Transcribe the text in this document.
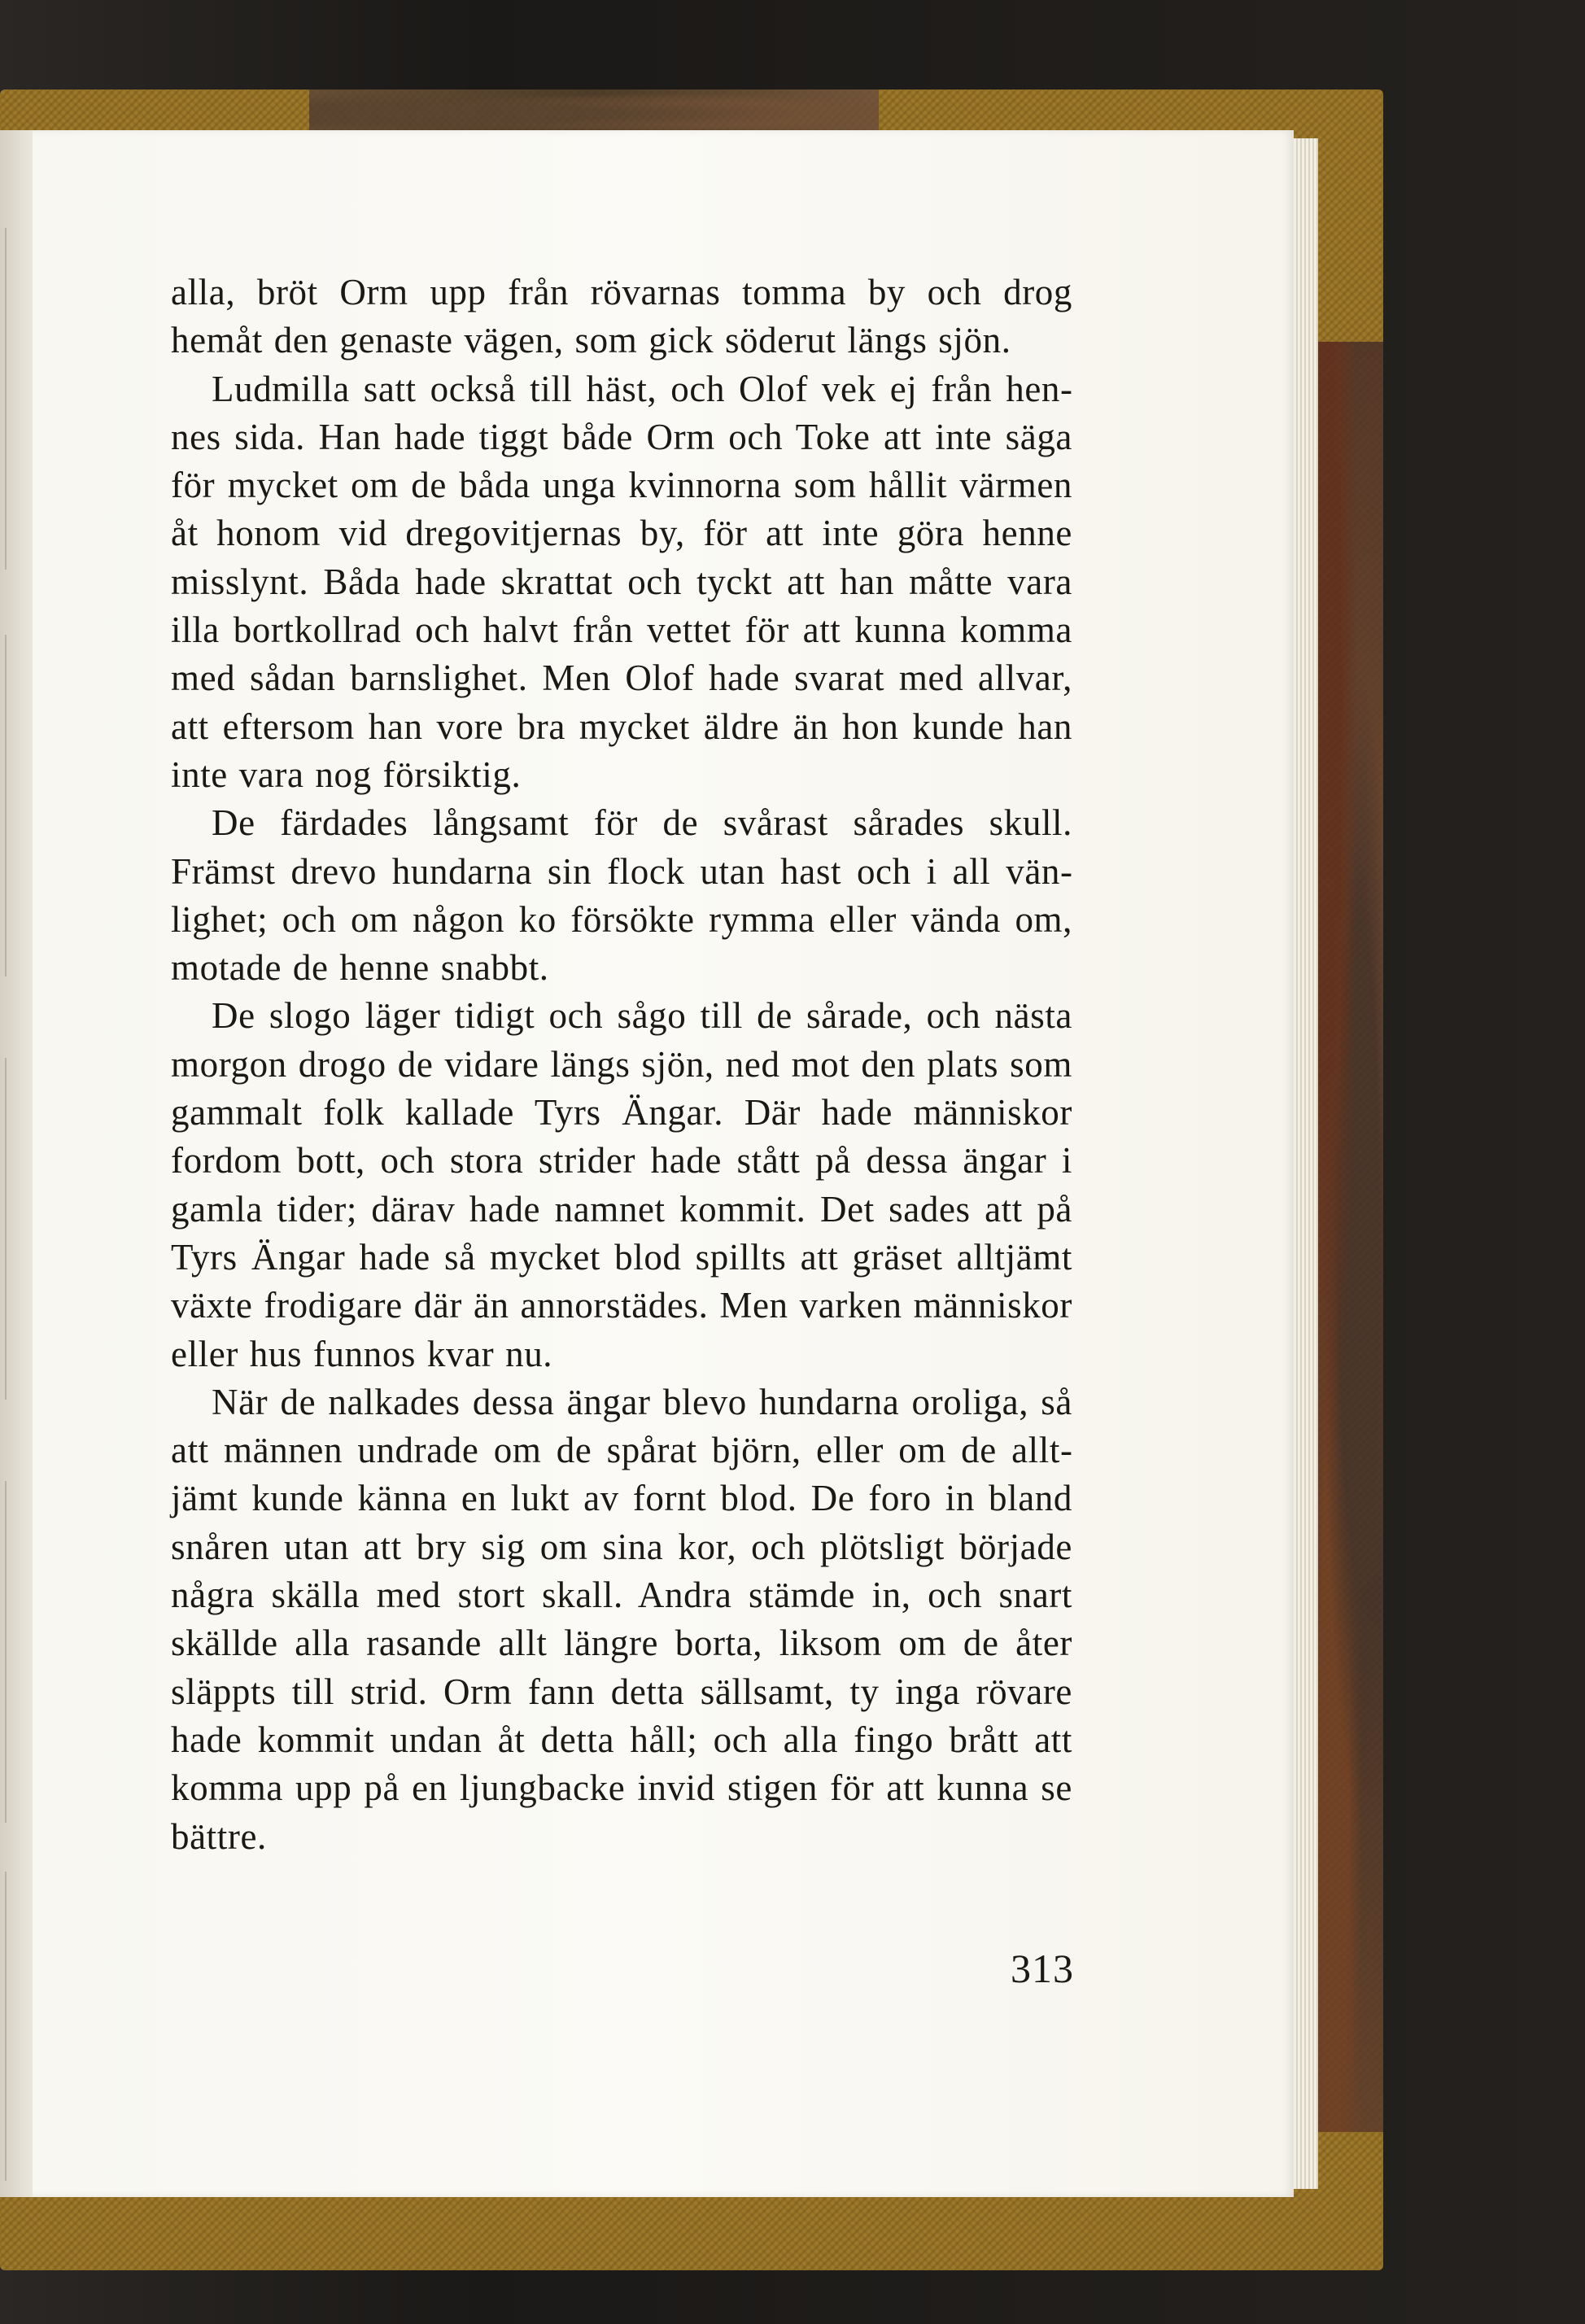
alla, bröt Orm upp från rövarnas tomma by och drog hemåt den genaste vägen, som gick söderut längs sjön.

Ludmilla satt också till häst, och Olof vek ej från hennes sida. Han hade tiggt både Orm och Toke att inte säga för mycket om de båda unga kvinnorna som hållit värmen åt honom vid dregovitjernas by, för att inte göra henne misslynt. Båda hade skrattat och tyckt att han måtte vara illa bortkollrad och halvt från vettet för att kunna komma med sådan barnslighet. Men Olof hade svarat med allvar, att eftersom han vore bra mycket äldre än hon kunde han inte vara nog försiktig.

De färdades långsamt för de svårast sårades skull. Främst drevo hundarna sin flock utan hast och i all vänlighet; och om någon ko försökte rymma eller vända om, motade de henne snabbt.

De slogo läger tidigt och sågo till de sårade, och nästa morgon drogo de vidare längs sjön, ned mot den plats som gammalt folk kallade Tyrs Ängar. Där hade människor fordom bott, och stora strider hade stått på dessa ängar i gamla tider; därav hade namnet kommit. Det sades att på Tyrs Ängar hade så mycket blod spillts att gräset alltjämt växte frodigare där än annorstädes. Men varken människor eller hus funnos kvar nu.

När de nalkades dessa ängar blevo hundarna oroliga, så att männen undrade om de spårat björn, eller om de alltjämt kunde känna en lukt av fornt blod. De foro in bland snåren utan att bry sig om sina kor, och plötsligt började några skälla med stort skall. Andra stämde in, och snart skällde alla rasande allt längre borta, liksom om de åter släppts till strid. Orm fann detta sällsamt, ty inga rövare hade kommit undan åt detta håll; och alla fingo brått att komma upp på en ljungbacke invid stigen för att kunna se bättre.

313
